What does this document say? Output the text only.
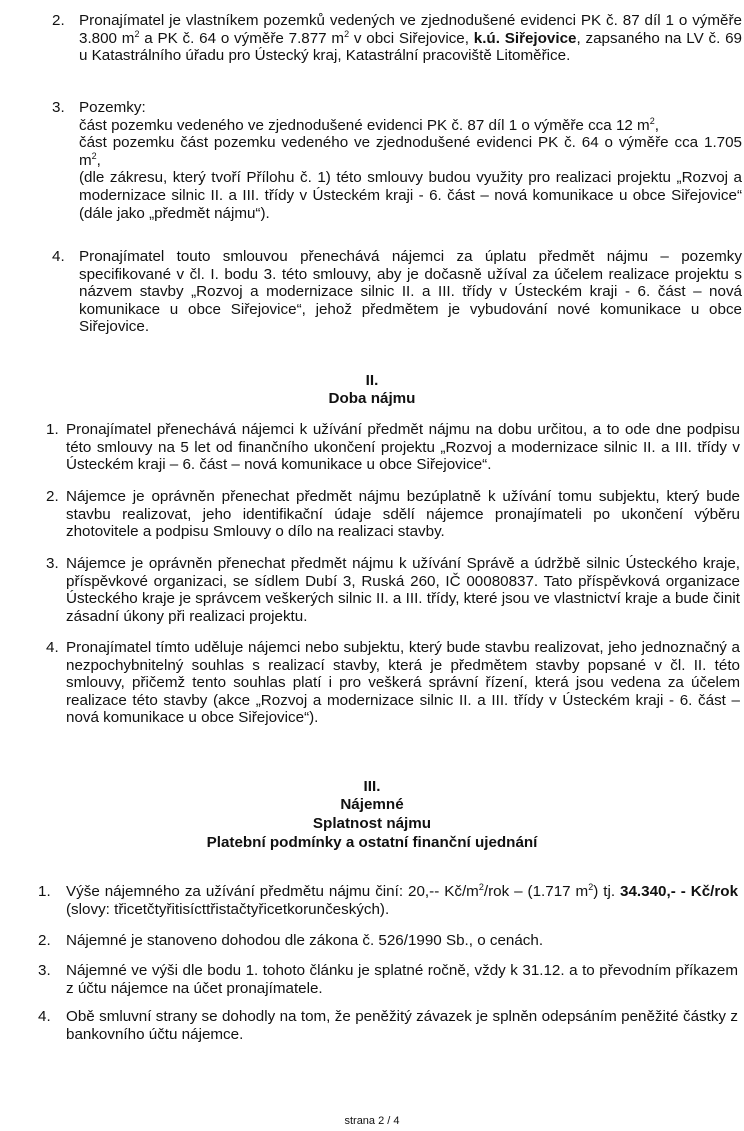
2. Pronajímatel je vlastníkem pozemků vedených ve zjednodušené evidenci PK č. 87 díl 1 o výměře 3.800 $m^2$ a PK č. 64 o výměře 7.877 $m^2$ v obci Siřejovice, k.ú. Siřejovice, zapsaného na LV č. 69 u Katastrálního úřadu pro Ústecký kraj, Katastrální pracoviště Litoměřice.
3. Pozemky:
část pozemku vedeného ve zjednodušené evidenci PK č. 87 díl 1 o výměře cca 12 $m^2$,
část pozemku část pozemku vedeného ve zjednodušené evidenci PK č. 64 o výměře cca 1.705 $m^2$,
(dle zákresu, který tvoří Přílohu č. 1) této smlouvy budou využity pro realizaci projektu „Rozvoj a modernizace silnic II. a III. třídy v Ústeckém kraji - 6. část – nová komunikace u obce Siřejovice“ (dále jako „předmět nájmu“).
4. Pronajímatel touto smlouvou přenechává nájemci za úplatu předmět nájmu – pozemky specifikované v čl. I. bodu 3. této smlouvy, aby je dočasně užíval za účelem realizace projektu s názvem stavby „Rozvoj a modernizace silnic II. a III. třídy v Ústeckém kraji - 6. část – nová komunikace u obce Siřejovice“, jehož předmětem je vybudování nové komunikace u obce Siřejovice.
II.
Doba nájmu
1. Pronajímatel přenechává nájemci k užívání předmět nájmu na dobu určitou, a to ode dne podpisu této smlouvy na 5 let od finančního ukončení projektu „Rozvoj a modernizace silnic II. a III. třídy v Ústeckém kraji – 6. část – nová komunikace u obce Siřejovice“.
2. Nájemce je oprávněn přenechat předmět nájmu bezúplatně k užívání tomu subjektu, který bude stavbu realizovat, jeho identifikační údaje sdělí nájemce pronajímateli po ukončení výběru zhotovitele a podpisu Smlouvy o dílo na realizaci stavby.
3. Nájemce je oprávněn přenechat předmět nájmu k užívání Správě a údržbě silnic Ústeckého kraje, příspěvkové organizaci, se sídlem Dubí 3, Ruská 260, IČ 00080837. Tato příspěvková organizace Ústeckého kraje je správcem veškerých silnic II. a III. třídy, které jsou ve vlastnictví kraje a bude činit zásadní úkony při realizaci projektu.
4. Pronajímatel tímto uděluje nájemci nebo subjektu, který bude stavbu realizovat, jeho jednoznačný a nezpochybnitelný souhlas s realizací stavby, která je předmětem stavby popsané v čl. II. této smlouvy, přičemž tento souhlas platí i pro veškerá správní řízení, která jsou vedena za účelem realizace této stavby (akce „Rozvoj a modernizace silnic II. a III. třídy v Ústeckém kraji - 6. část – nová komunikace u obce Siřejovice“).
III.
Nájemné
Splatnost nájmu
Platební podmínky a ostatní finanční ujednání
1. Výše nájemného za užívání předmětu nájmu činí: 20,-- $Kč/m^2$/rok – (1.717 $m^2$) tj. 34.340,- - Kč/rok (slovy: třicetčtyřitisícttřistačtyřicetkorunčeských).
2. Nájemné je stanoveno dohodou dle zákona č. 526/1990 Sb., o cenách.
3. Nájemné ve výši dle bodu 1. tohoto článku je splatné ročně, vždy k 31.12. a to převodním příkazem z účtu nájemce na účet pronajímatele.
4. Obě smluvní strany se dohodly na tom, že peněžitý závazek je splněn odepsáním peněžité částky z bankovního účtu nájemce.
strana 2 / 4
